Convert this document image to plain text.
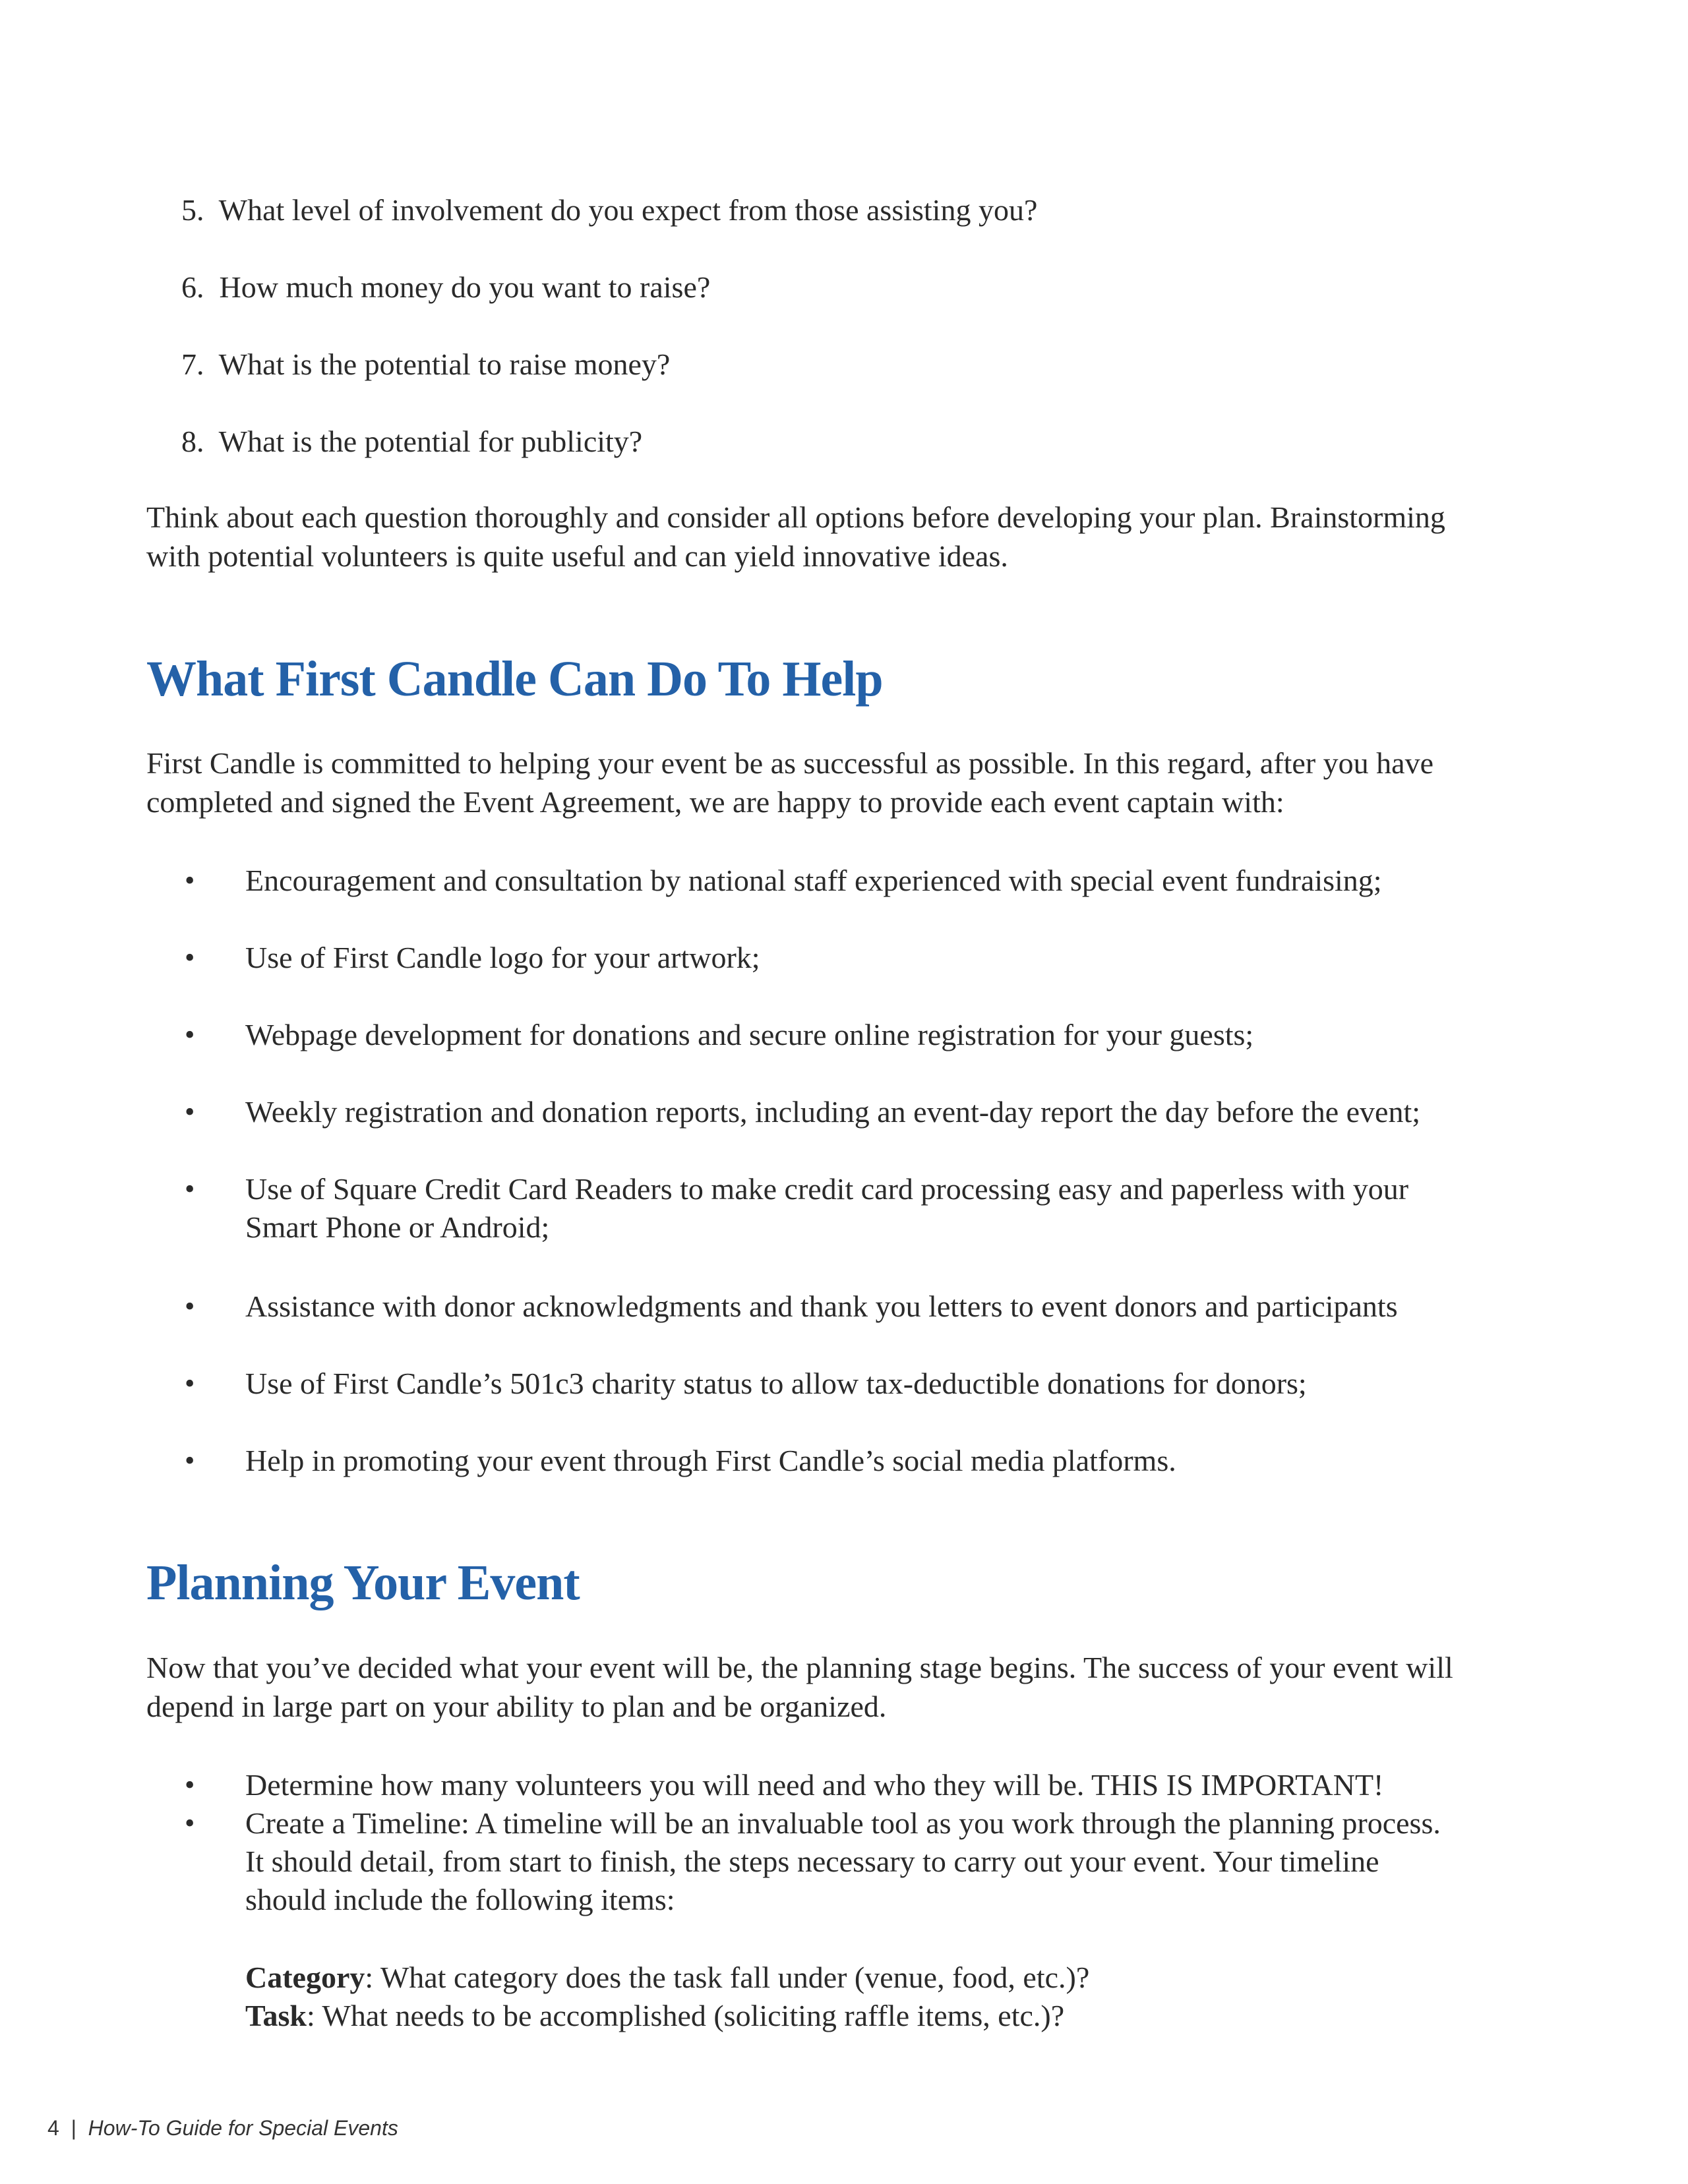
5. What level of involvement do you expect from those assisting you?
6. How much money do you want to raise?
7. What is the potential to raise money?
8. What is the potential for publicity?

Think about each question thoroughly and consider all options before developing your plan. Brainstorming
with potential volunteers is quite useful and can yield innovative ideas.

What First Candle Can Do To Help

First Candle is committed to helping your event be as successful as possible. In this regard, after you have
completed and signed the Event Agreement, we are happy to provide each event captain with:

• Encouragement and consultation by national staff experienced with special event fundraising;
• Use of First Candle logo for your artwork;
• Webpage development for donations and secure online registration for your guests;
• Weekly registration and donation reports, including an event-day report the day before the event;
• Use of Square Credit Card Readers to make credit card processing easy and paperless with your
Smart Phone or Android;
• Assistance with donor acknowledgments and thank you letters to event donors and participants
• Use of First Candle’s 501c3 charity status to allow tax-deductible donations for donors;
• Help in promoting your event through First Candle’s social media platforms.
Planning Your Event

Now that you’ve decided what your event will be, the planning stage begins. The success of your event will
depend in large part on your ability to plan and be organized.

• Determine how many volunteers you will need and who they will be. THIS IS IMPORTANT!
• Create a Timeline: A timeline will be an invaluable tool as you work through the planning process.
It should detail, from start to finish, the steps necessary to carry out your event. Your timeline
should include the following items:
Category: What category does the task fall under (venue, food, etc.)?
Task: What needs to be accomplished (soliciting raffle items, etc.)?
4 | How-To Guide for Special Events
